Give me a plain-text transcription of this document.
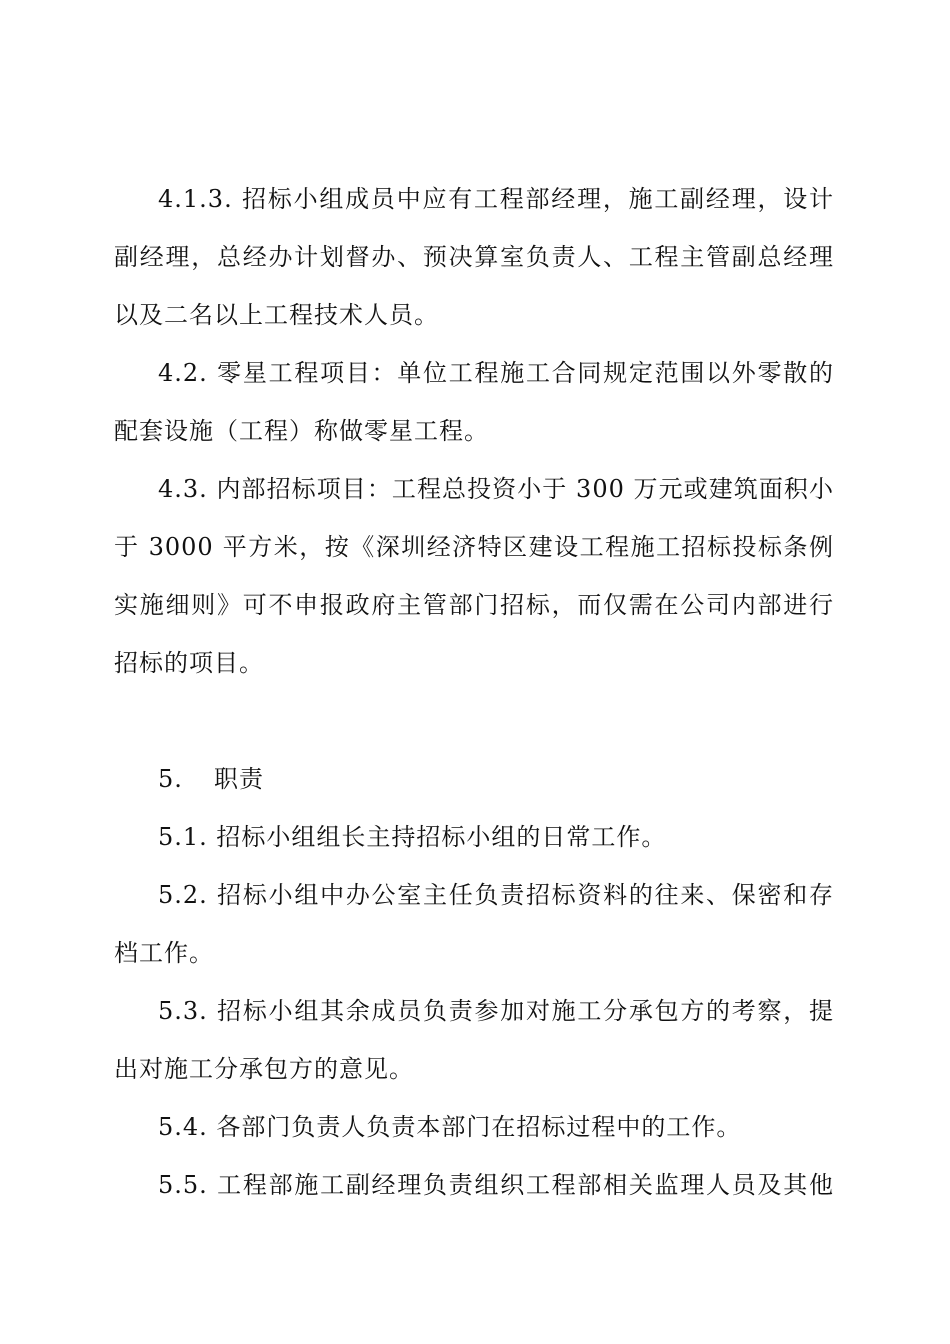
4.1.3. 招标小组成员中应有工程部经理，施工副经理，设计
副经理，总经办计划督办、预决算室负责人、工程主管副总经理
以及二名以上工程技术人员。
4.2. 零星工程项目：单位工程施工合同规定范围以外零散的
配套设施（工程）称做零星工程。
4.3. 内部招标项目：工程总投资小于 300 万元或建筑面积小
于 3000 平方米，按《深圳经济特区建设工程施工招标投标条例
实施细则》可不申报政府主管部门招标，而仅需在公司内部进行
招标的项目。
5. 职责
5.1. 招标小组组长主持招标小组的日常工作。
5.2. 招标小组中办公室主任负责招标资料的往来、保密和存
档工作。
5.3. 招标小组其余成员负责参加对施工分承包方的考察，提
出对施工分承包方的意见。
5.4. 各部门负责人负责本部门在招标过程中的工作。
5.5. 工程部施工副经理负责组织工程部相关监理人员及其他
